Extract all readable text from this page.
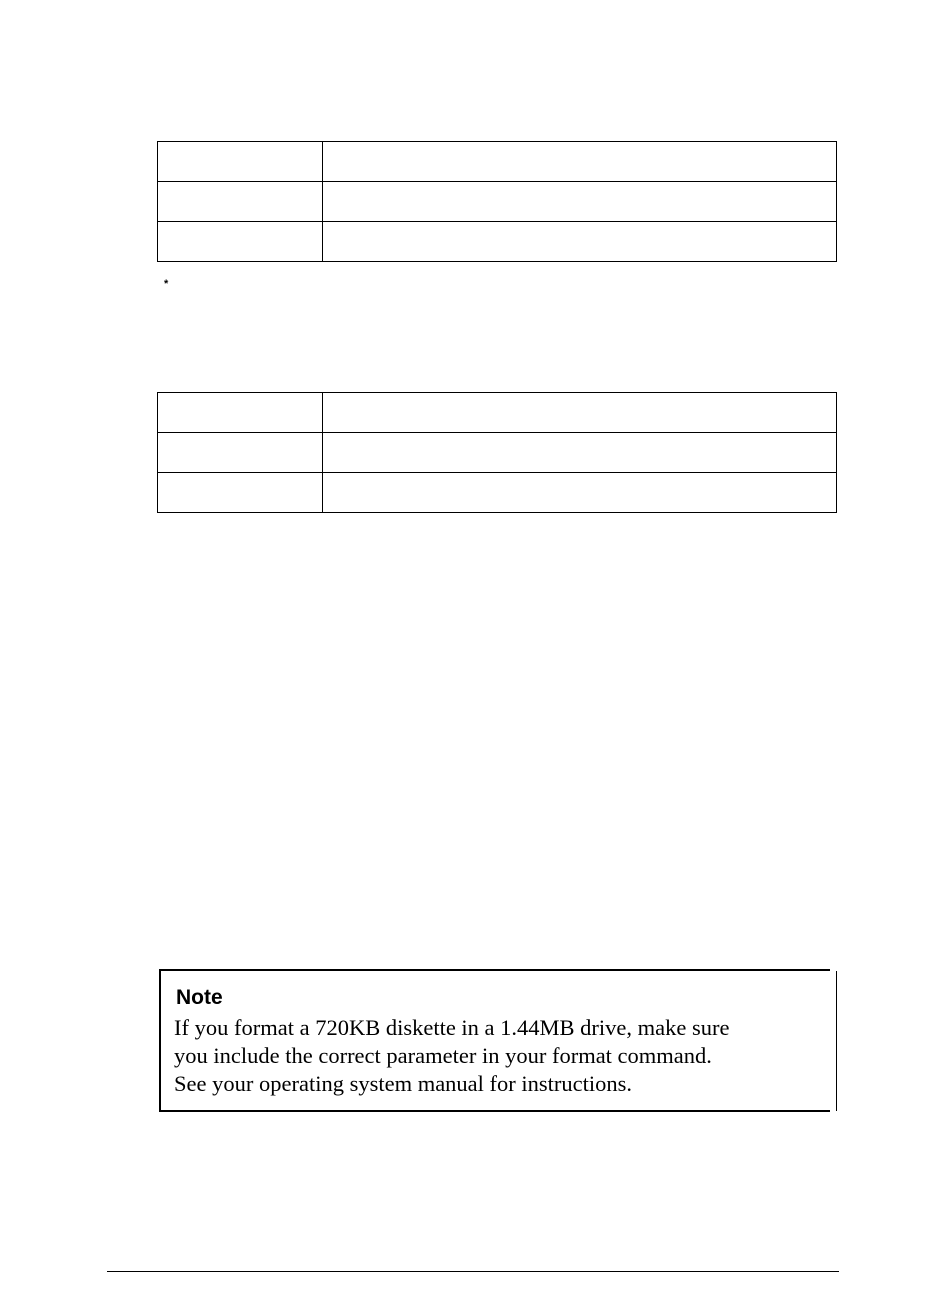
*

Note

If you format a 720KB diskette in a 1.44MB drive, make sure
you include the correct parameter in your format command.
See your operating system manual for instructions.
